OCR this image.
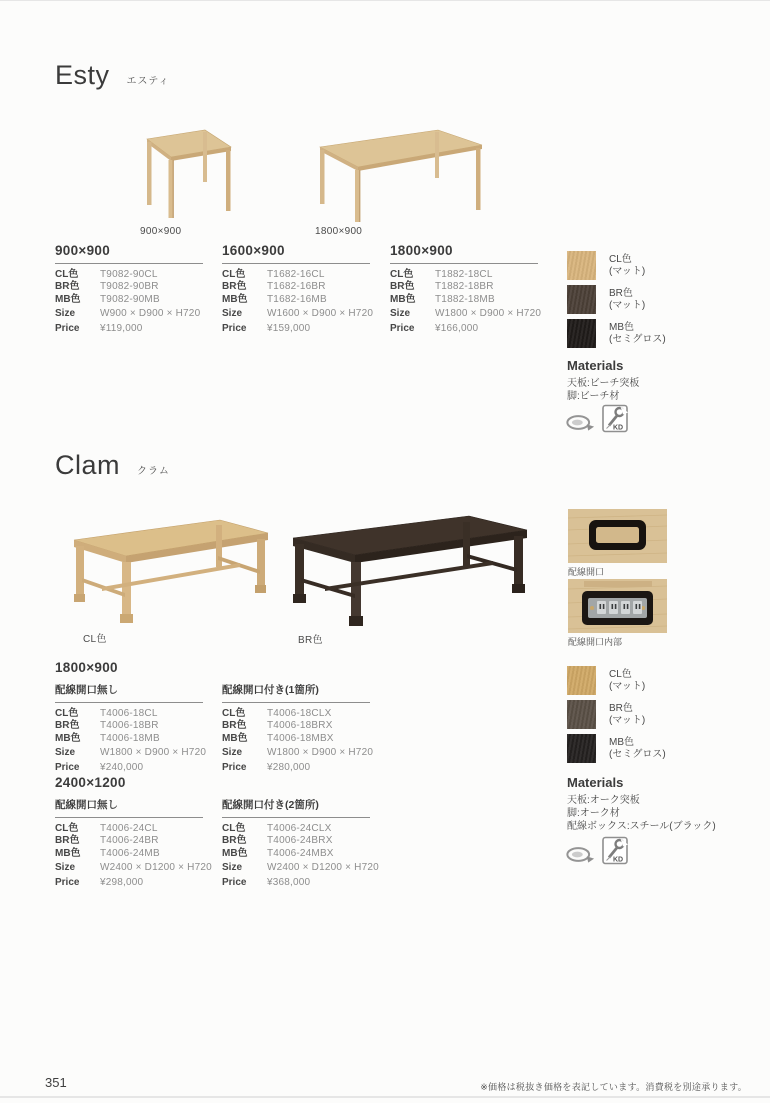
Esty エスティ
900×900	1800×900
900×900
CL色	T9082-90CL
BR色	T9082-90BR
MB色	T9082-90MB
Size	W900 × D900 × H720
Price	¥119,000
1600×900
CL色	T1682-16CL
BR色	T1682-16BR
MB色	T1682-16MB
Size	W1600 × D900 × H720
Price	¥159,000
1800×900
CL色	T1882-18CL
BR色	T1882-18BR
MB色	T1882-18MB
Size	W1800 × D900 × H720
Price	¥166,000
CL色
(マット)
BR色
(マット)
MB色
(セミグロス)
Materials
天板:ビーチ突板
脚:ビーチ材
KD
Clam クラム
CL色	BR色
配線開口
配線開口内部
1800×900
配線開口無し
CL色	T4006-18CL
BR色	T4006-18BR
MB色	T4006-18MB
Size	W1800 × D900 × H720
Price	¥240,000
配線開口付き(1箇所)
CL色	T4006-18CLX
BR色	T4006-18BRX
MB色	T4006-18MBX
Size	W1800 × D900 × H720
Price	¥280,000
2400×1200
配線開口無し
CL色	T4006-24CL
BR色	T4006-24BR
MB色	T4006-24MB
Size	W2400 × D1200 × H720
Price	¥298,000
配線開口付き(2箇所)
CL色	T4006-24CLX
BR色	T4006-24BRX
MB色	T4006-24MBX
Size	W2400 × D1200 × H720
Price	¥368,000
CL色
(マット)
BR色
(マット)
MB色
(セミグロス)
Materials
天板:オーク突板
脚:オーク材
配線ボックス:スチール(ブラック)
KD
351	※価格は税抜き価格を表記しています。消費税を別途承ります。
